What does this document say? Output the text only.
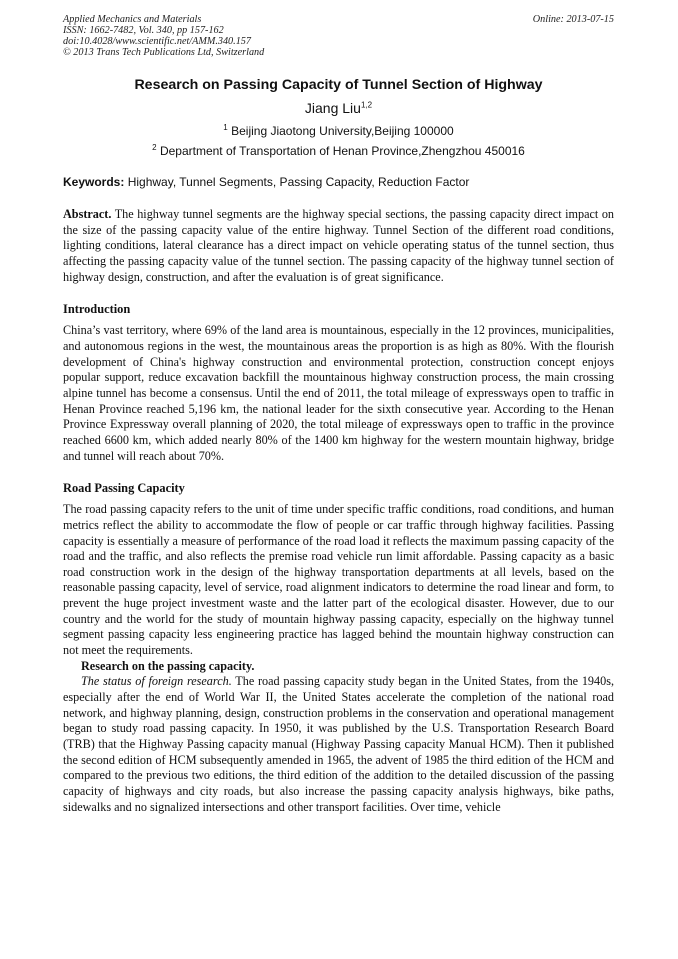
Applied Mechanics and Materials
ISSN: 1662-7482, Vol. 340, pp 157-162
doi:10.4028/www.scientific.net/AMM.340.157
© 2013 Trans Tech Publications Ltd, Switzerland
Online: 2013-07-15
Research on Passing Capacity of Tunnel Section of Highway
Jiang Liu$^{1,2}$
$^1$ Beijing Jiaotong University,Beijing 100000
$^2$ Department of Transportation of Henan Province,Zhengzhou 450016
Keywords: Highway, Tunnel Segments, Passing Capacity, Reduction Factor
Abstract. The highway tunnel segments are the highway special sections, the passing capacity direct impact on the size of the passing capacity value of the entire highway. Tunnel Section of the different road conditions, lighting conditions, lateral clearance has a direct impact on vehicle operating status of the tunnel section, thus affecting the passing capacity value of the tunnel section. The passing capacity of the highway tunnel section of highway design, construction, and after the evaluation is of great significance.
Introduction
China’s vast territory, where 69% of the land area is mountainous, especially in the 12 provinces, municipalities, and autonomous regions in the west, the mountainous areas the proportion is as high as 80%. With the flourish development of China's highway construction and environmental protection, construction concept enjoys popular support, reduce excavation backfill the mountainous highway construction process, the main crossing alpine tunnel has become a consensus. Until the end of 2011, the total mileage of expressways open to traffic in Henan Province reached 5,196 km, the national leader for the sixth consecutive year. According to the Henan Province Expressway overall planning of 2020, the total mileage of expressways open to traffic in the province reached 6600 km, which added nearly 80% of the 1400 km highway for the western mountain highway, bridge and tunnel will reach about 70%.
Road Passing Capacity
The road passing capacity refers to the unit of time under specific traffic conditions, road conditions, and human metrics reflect the ability to accommodate the flow of people or car traffic through highway facilities. Passing capacity is essentially a measure of performance of the road load it reflects the maximum passing capacity of the road and the traffic, and also reflects the premise road vehicle run limit affordable. Passing capacity as a basic road construction work in the design of the highway transportation departments at all levels, based on the reasonable passing capacity, level of service, road alignment indicators to determine the road linear and form, to prevent the huge project investment waste and the latter part of the ecological disaster. However, due to our country and the world for the study of mountain highway passing capacity, especially on the highway tunnel segment passing capacity less engineering practice has lagged behind the mountain highway construction can not meet the requirements.
Research on the passing capacity.
The status of foreign research. The road passing capacity study began in the United States, from the 1940s, especially after the end of World War II, the United States accelerate the completion of the national road network, and highway planning, design, construction problems in the conservation and operational management began to study road passing capacity. In 1950, it was published by the U.S. Transportation Research Board (TRB) that the Highway Passing capacity manual (Highway Passing capacity Manual HCM). Then it published the second edition of HCM subsequently amended in 1965, the advent of 1985 the third edition of the HCM and compared to the previous two editions, the third edition of the addition to the detailed discussion of the passing capacity of highways and city roads, but also increase the passing capacity analysis highways, bike paths, sidewalks and no signalized intersections and other transport facilities. Over time, vehicle
